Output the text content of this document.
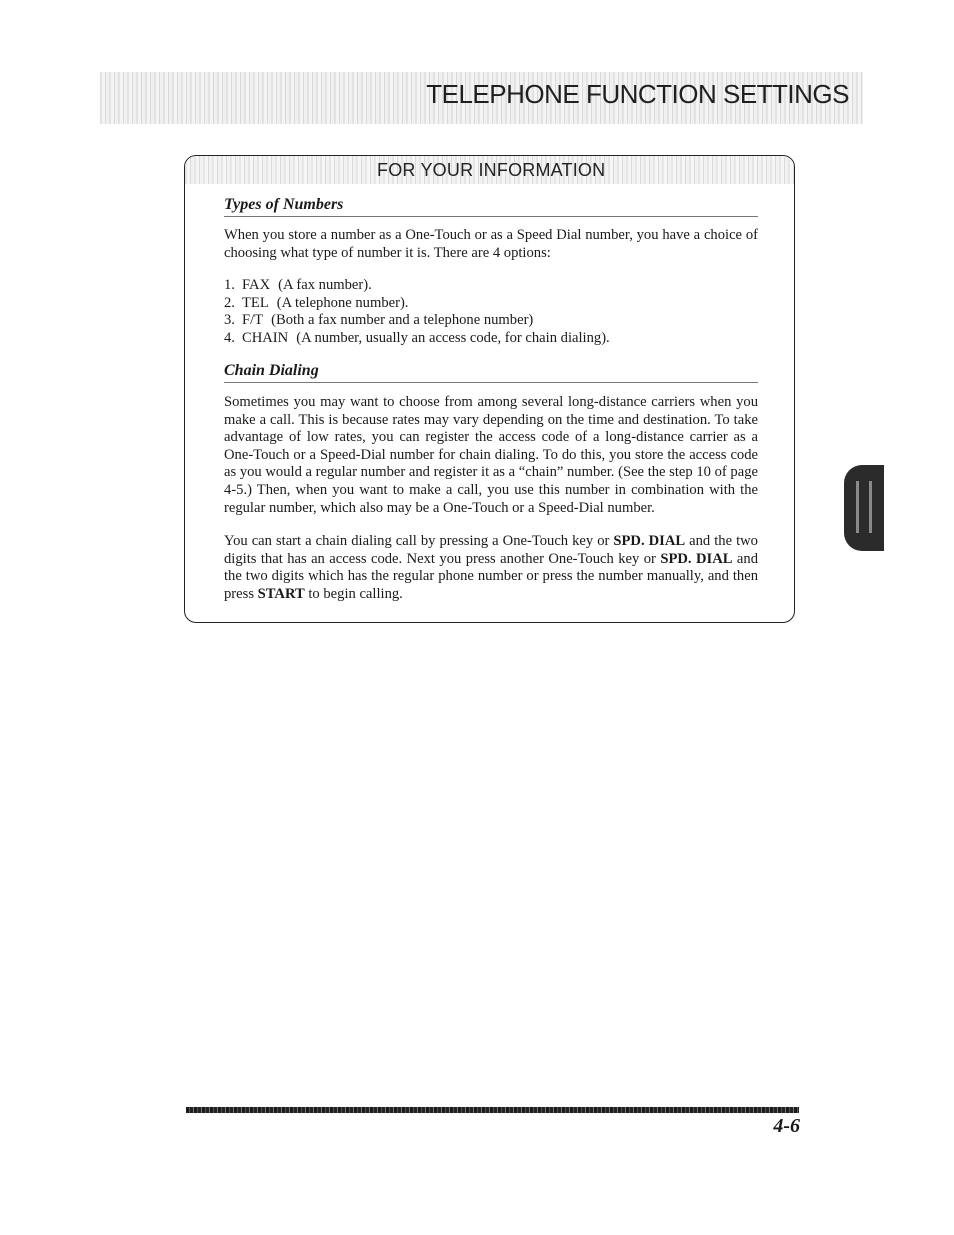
TELEPHONE FUNCTION SETTINGS
FOR YOUR INFORMATION
Types of Numbers

When you store a number as a One-Touch or as a Speed Dial number, you have a choice of choosing what type of number it is. There are 4 options:

1. FAX (A fax number).
2. TEL (A telephone number).
3. F/T (Both a fax number and a telephone number)
4. CHAIN (A number, usually an access code, for chain dialing).
Chain Dialing

Sometimes you may want to choose from among several long-distance carriers when you make a call. This is because rates may vary depending on the time and destination. To take advantage of low rates, you can register the access code of a long-distance carrier as a One-Touch or a Speed-Dial number for chain dialing. To do this, you store the access code as you would a regular number and register it as a “chain” number. (See the step 10 of page 4-5.) Then, when you want to make a call, you use this number in combination with the regular number, which also may be a One-Touch or a Speed-Dial number.

You can start a chain dialing call by pressing a One-Touch key or SPD. DIAL and the two digits that has an access code. Next you press another One-Touch key or SPD. DIAL and the two digits which has the regular phone number or press the number manually, and then press START to begin calling.

4-6
